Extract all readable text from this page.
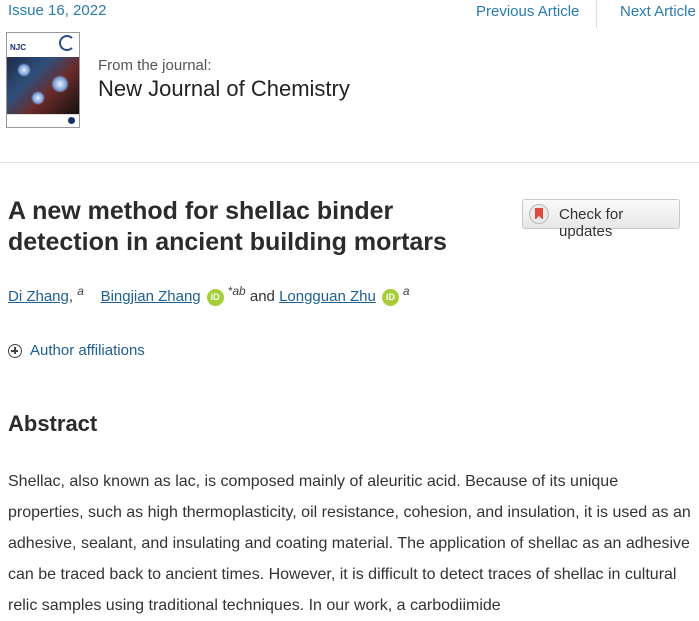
Issue 16, 2022	Previous Article	Next Article
NJC
From the journal:
New Journal of Chemistry
A new method for shellac binder detection in ancient building mortars
Check for updates
Di Zhang, $^a$ Bingjian Zhang iD $^{*ab}$ and Longguan Zhu iD $^a$
Author affiliations
Abstract

Shellac, also known as lac, is composed mainly of aleuritic acid. Because of its unique properties, such as high thermoplasticity, oil resistance, cohesion, and insulation, it is used as an adhesive, sealant, and insulating and coating material. The application of shellac as an adhesive can be traced back to ancient times. However, it is difficult to detect traces of shellac in cultural relic samples using traditional techniques. In our work, a carbodiimide
